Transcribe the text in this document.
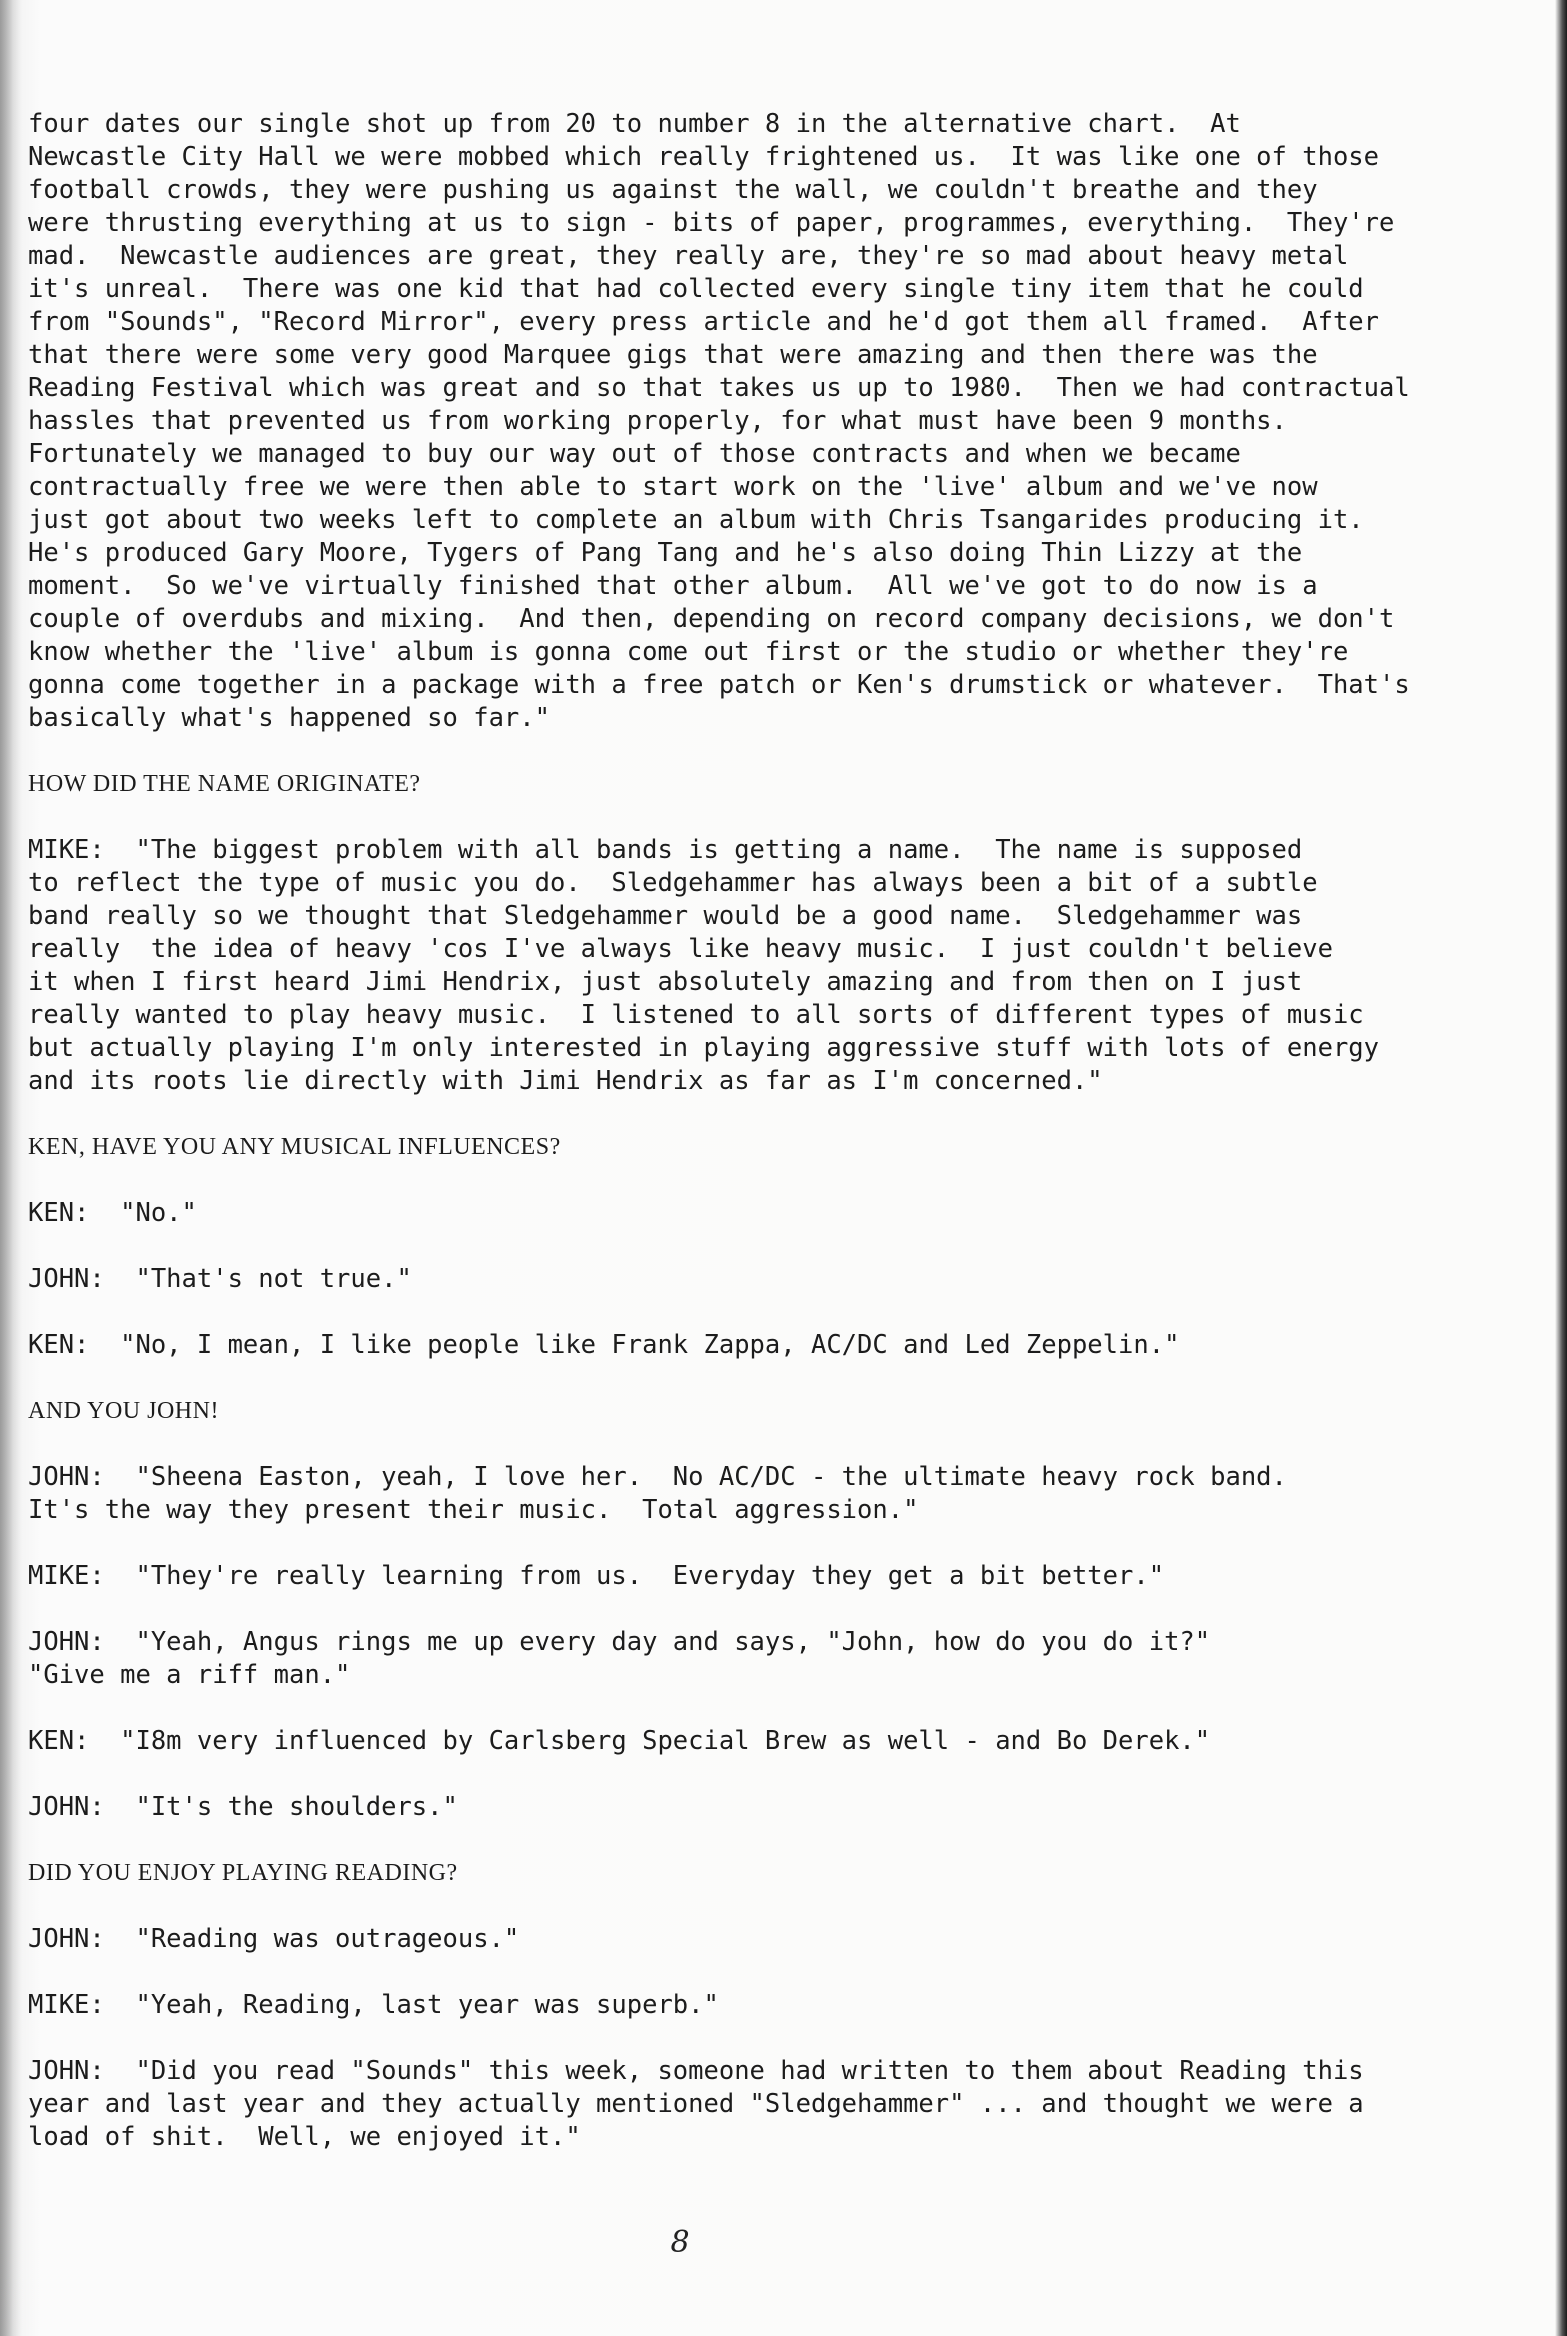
four dates our single shot up from 20 to number 8 in the alternative chart.  At
Newcastle City Hall we were mobbed which really frightened us.  It was like one of those
football crowds, they were pushing us against the wall, we couldn't breathe and they
were thrusting everything at us to sign - bits of paper, programmes, everything.  They're
mad.  Newcastle audiences are great, they really are, they're so mad about heavy metal
it's unreal.  There was one kid that had collected every single tiny item that he could
from "Sounds", "Record Mirror", every press article and he'd got them all framed.  After
that there were some very good Marquee gigs that were amazing and then there was the
Reading Festival which was great and so that takes us up to 1980.  Then we had contractual
hassles that prevented us from working properly, for what must have been 9 months.
Fortunately we managed to buy our way out of those contracts and when we became
contractually free we were then able to start work on the 'live' album and we've now
just got about two weeks left to complete an album with Chris Tsangarides producing it.
He's produced Gary Moore, Tygers of Pang Tang and he's also doing Thin Lizzy at the
moment.  So we've virtually finished that other album.  All we've got to do now is a
couple of overdubs and mixing.  And then, depending on record company decisions, we don't
know whether the 'live' album is gonna come out first or the studio or whether they're
gonna come together in a package with a free patch or Ken's drumstick or whatever.  That's
basically what's happened so far."
HOW DID THE NAME ORIGINATE?
MIKE:  "The biggest problem with all bands is getting a name.  The name is supposed
to reflect the type of music you do.  Sledgehammer has always been a bit of a subtle
band really so we thought that Sledgehammer would be a good name.  Sledgehammer was
really  the idea of heavy 'cos I've always like heavy music.  I just couldn't believe
it when I first heard Jimi Hendrix, just absolutely amazing and from then on I just
really wanted to play heavy music.  I listened to all sorts of different types of music
but actually playing I'm only interested in playing aggressive stuff with lots of energy
and its roots lie directly with Jimi Hendrix as far as I'm concerned."
KEN, HAVE YOU ANY MUSICAL INFLUENCES?
KEN:  "No."
JOHN:  "That's not true."
KEN:  "No, I mean, I like people like Frank Zappa, AC/DC and Led Zeppelin."
AND YOU JOHN!
JOHN:  "Sheena Easton, yeah, I love her.  No AC/DC - the ultimate heavy rock band.
It's the way they present their music.  Total aggression."
MIKE:  "They're really learning from us.  Everyday they get a bit better."
JOHN:  "Yeah, Angus rings me up every day and says, "John, how do you do it?"
"Give me a riff man."
KEN:  "I8m very influenced by Carlsberg Special Brew as well - and Bo Derek."
JOHN:  "It's the shoulders."
DID YOU ENJOY PLAYING READING?
JOHN:  "Reading was outrageous."
MIKE:  "Yeah, Reading, last year was superb."
JOHN:  "Did you read "Sounds" this week, someone had written to them about Reading this
year and last year and they actually mentioned "Sledgehammer" ... and thought we were a
load of shit.  Well, we enjoyed it."
8
